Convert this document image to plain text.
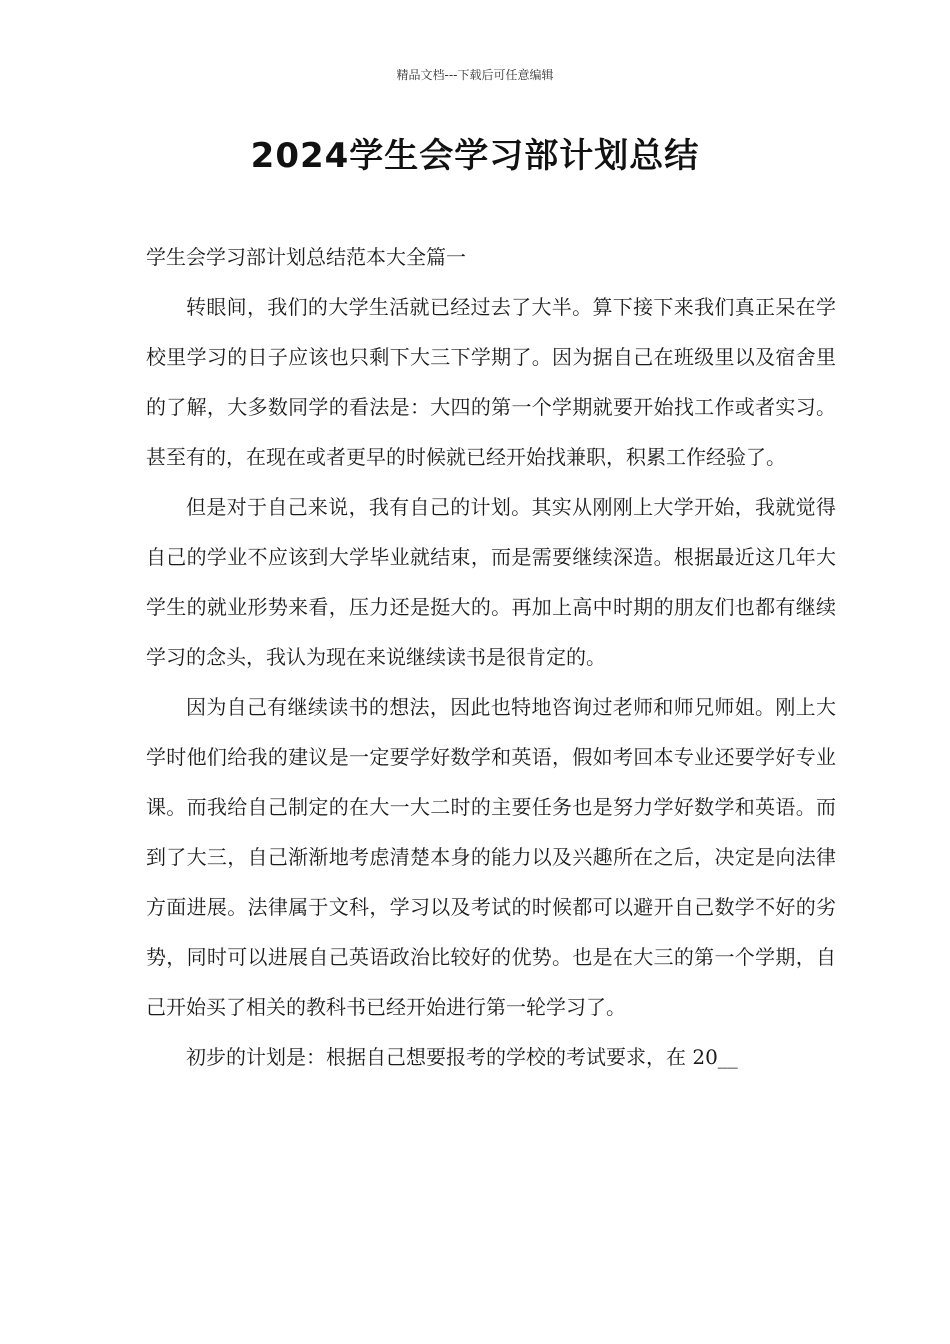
精品文档---下载后可任意编辑
2024学生会学习部计划总结

学生会学习部计划总结范本大全篇一

转眼间，我们的大学生活就已经过去了大半。算下接下来我们真正呆在学校里学习的日子应该也只剩下大三下学期了。因为据自己在班级里以及宿舍里的了解，大多数同学的看法是：大四的第一个学期就要开始找工作或者实习。甚至有的，在现在或者更早的时候就已经开始找兼职，积累工作经验了。

但是对于自己来说，我有自己的计划。其实从刚刚上大学开始，我就觉得自己的学业不应该到大学毕业就结束，而是需要继续深造。根据最近这几年大学生的就业形势来看，压力还是挺大的。再加上高中时期的朋友们也都有继续学习的念头，我认为现在来说继续读书是很肯定的。

因为自己有继续读书的想法，因此也特地咨询过老师和师兄师姐。刚上大学时他们给我的建议是一定要学好数学和英语，假如考回本专业还要学好专业课。而我给自己制定的在大一大二时的主要任务也是努力学好数学和英语。而到了大三，自己渐渐地考虑清楚本身的能力以及兴趣所在之后，决定是向法律方面进展。法律属于文科，学习以及考试的时候都可以避开自己数学不好的劣势，同时可以进展自己英语政治比较好的优势。也是在大三的第一个学期，自己开始买了相关的教科书已经开始进行第一轮学习了。

初步的计划是：根据自己想要报考的学校的考试要求，在 20__
